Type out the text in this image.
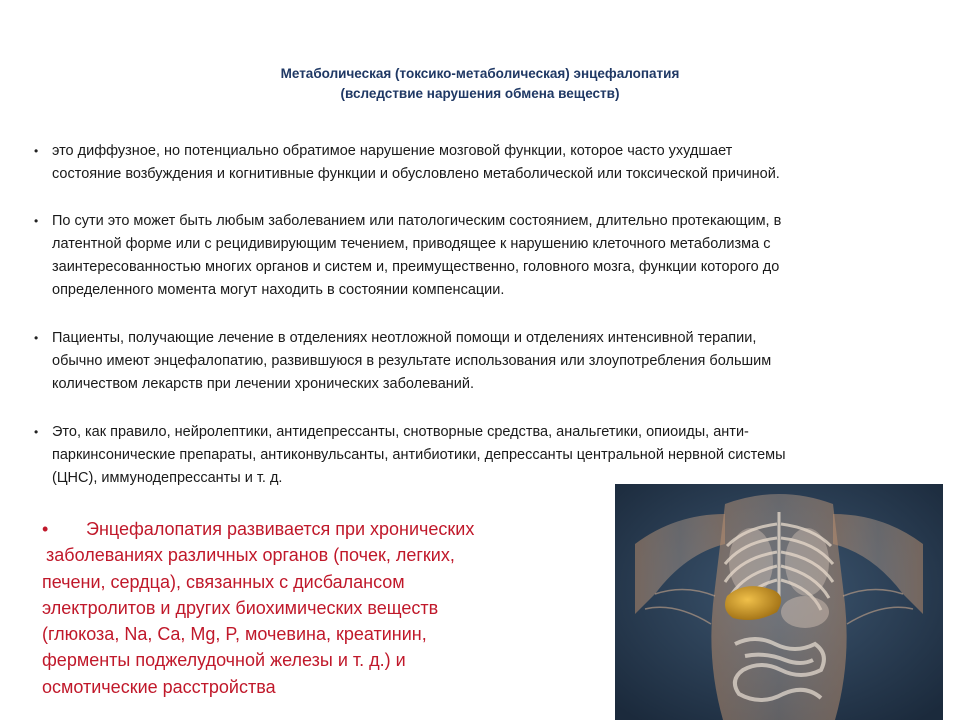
Метаболическая (токсико-метаболическая) энцефалопатия
(вследствие нарушения обмена веществ)
• это диффузное, но потенциально обратимое нарушение мозговой функции, которое часто ухудшает
состояние возбуждения и когнитивные функции и обусловлено метаболической или токсической причиной.
• По сути это может быть любым заболеванием или патологическим состоянием, длительно протекающим, в
латентной форме или с рецидивирующим течением, приводящее к нарушению клеточного метаболизма с
заинтересованностью многих органов и систем и, преимущественно, головного мозга, функции которого до
определенного момента могут находить в состоянии компенсации.
• Пациенты, получающие лечение в отделениях неотложной помощи и отделениях интенсивной терапии,
обычно имеют энцефалопатию, развившуюся в результате использования или злоупотребления большим
количеством лекарств при лечении хронических заболеваний.
• Это, как правило, нейролептики, антидепрессанты, снотворные средства, анальгетики, опиоиды, анти-
паркинсонические препараты, антиконвульсанты, антибиотики, депрессанты центральной нервной системы
(ЦНС), иммунодепрессанты и т. д.
• Энцефалопатия развивается при хронических
заболеваниях различных органов (почек, легких,
печени, сердца), связанных с дисбалансом
электролитов и других биохимических веществ
(глюкоза, Na, Ca, Mg, P, мочевина, креатинин,
ферменты поджелудочной железы и т. д.) и
осмотические расстройства
